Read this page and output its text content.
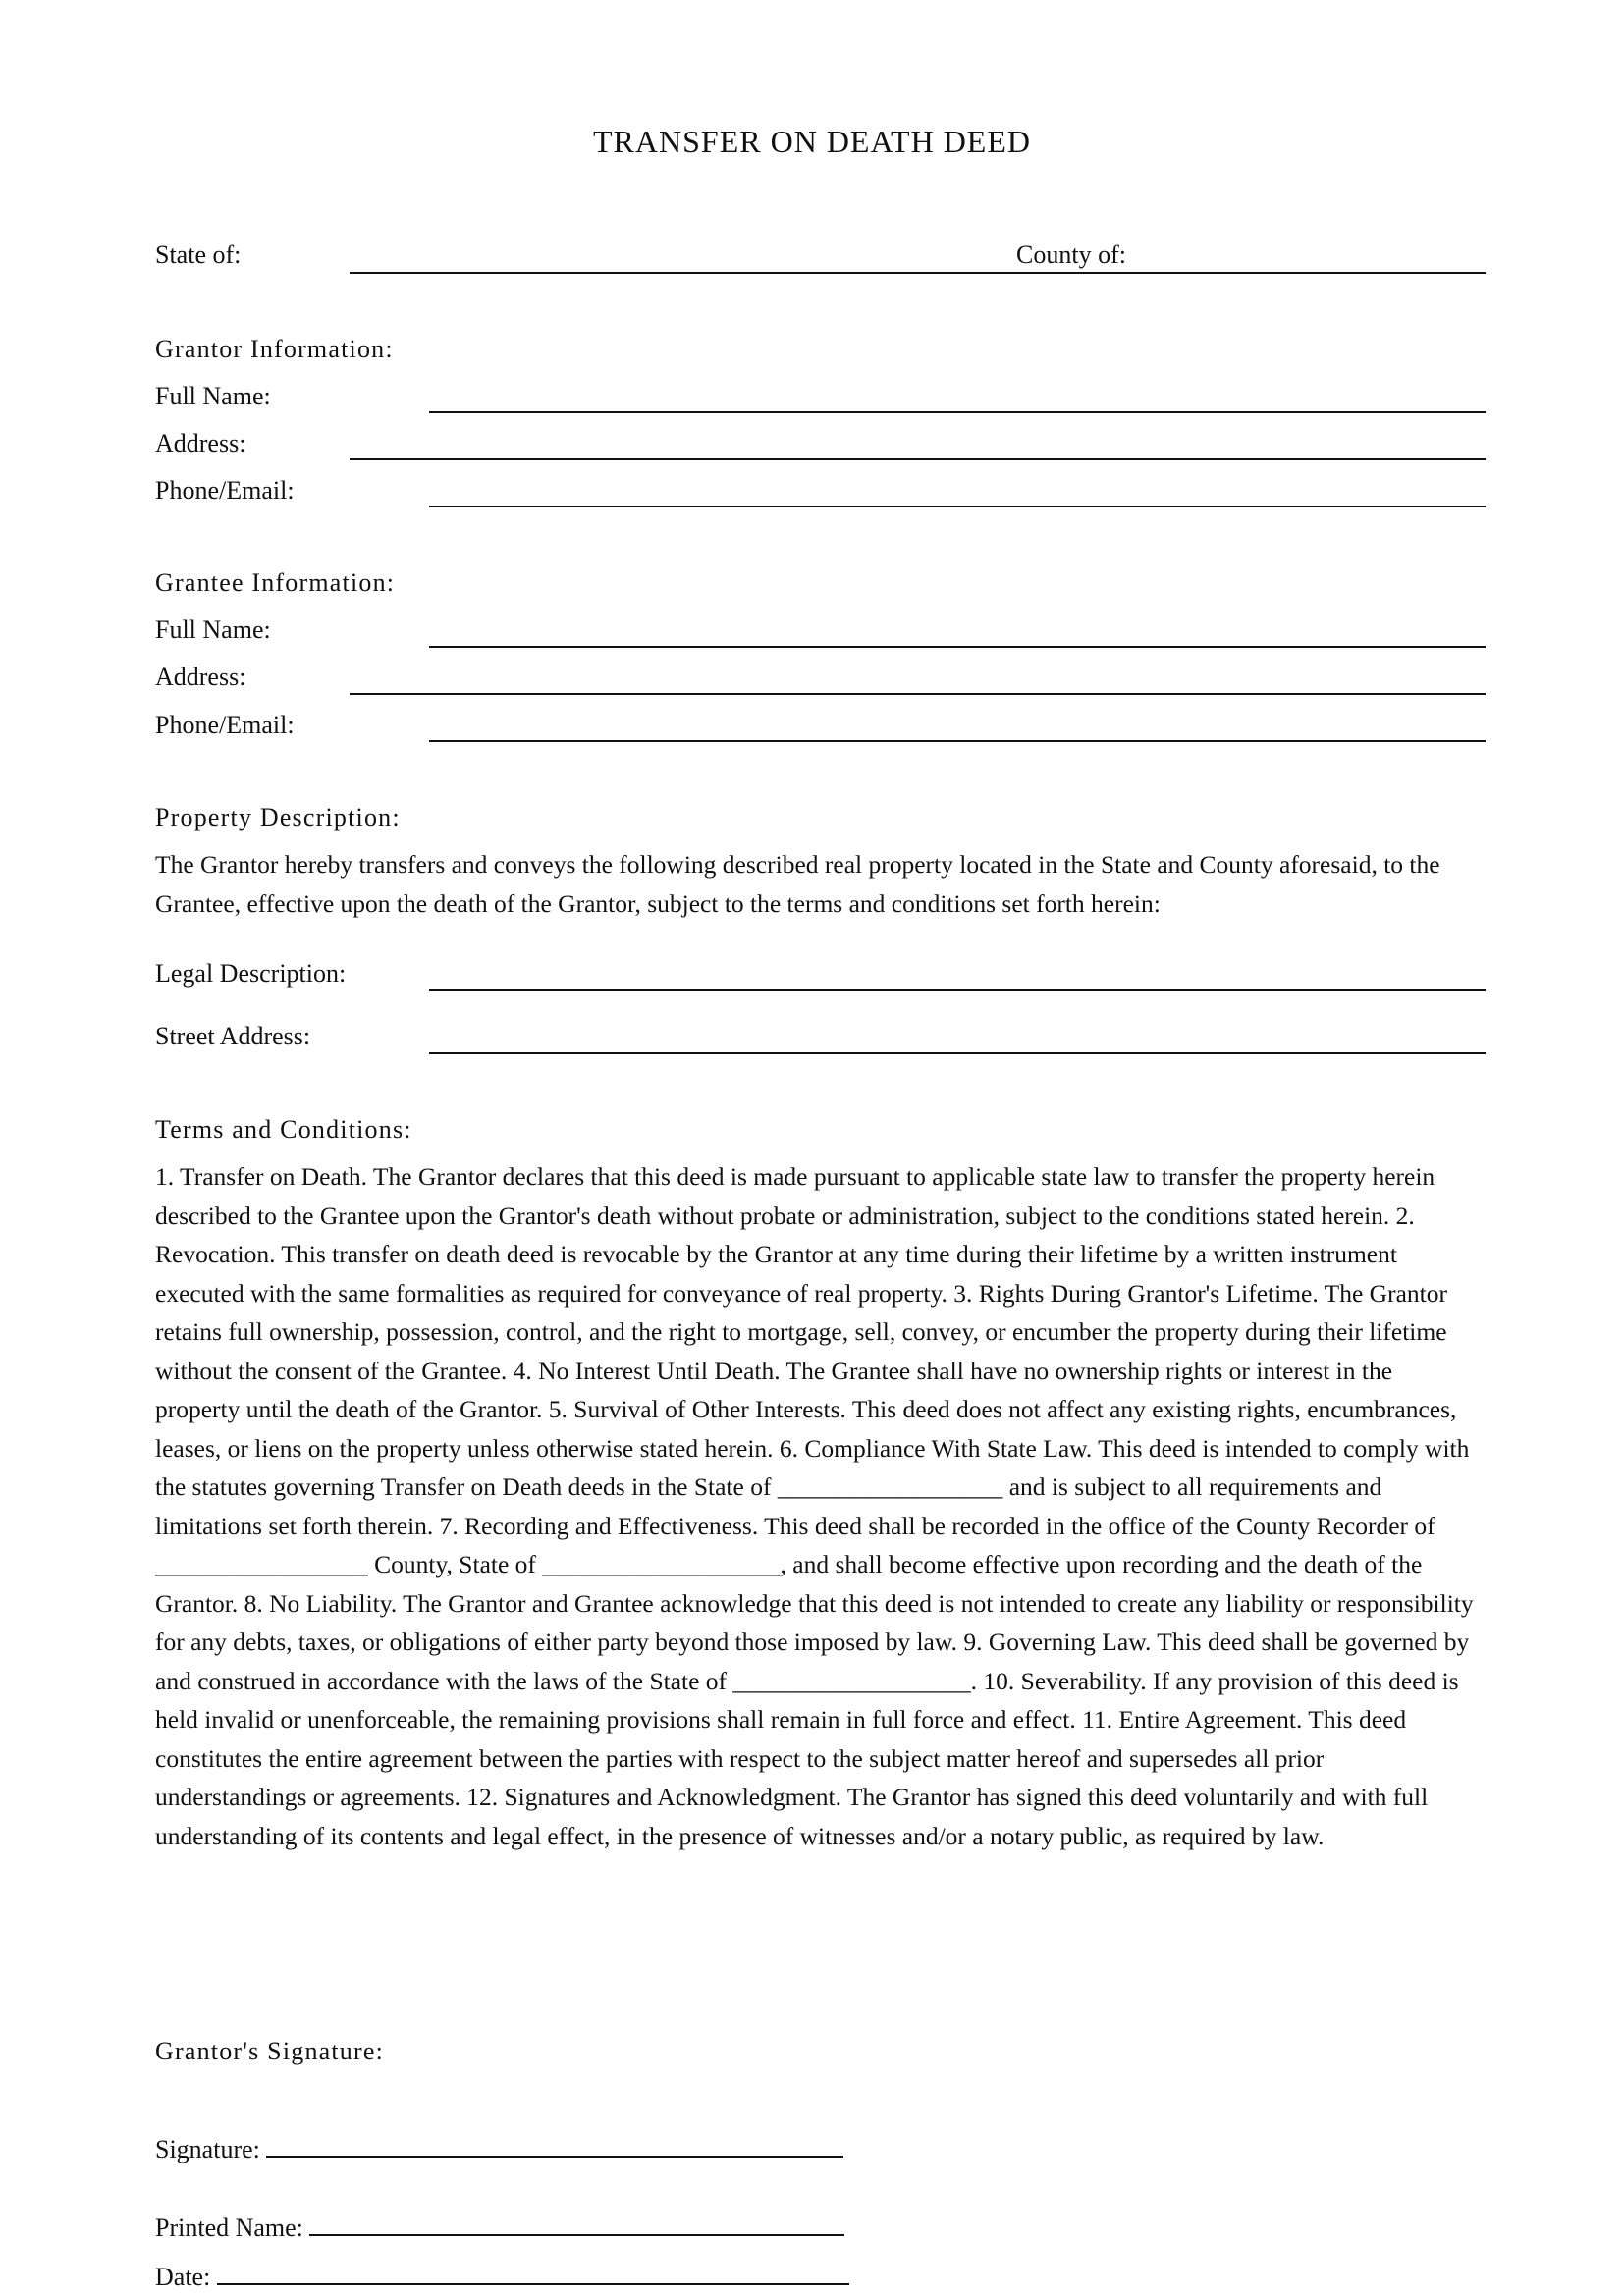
TRANSFER ON DEATH DEED
State of:	County of:
Grantor Information:
Full Name:
Address:
Phone/Email:
Grantee Information:
Full Name:
Address:
Phone/Email:
Property Description:
The Grantor hereby transfers and conveys the following described real property located in the State and County aforesaid, to the Grantee, effective upon the death of the Grantor, subject to the terms and conditions set forth herein:
Legal Description:
Street Address:
Terms and Conditions:
1. Transfer on Death. The Grantor declares that this deed is made pursuant to applicable state law to transfer the property herein described to the Grantee upon the Grantor's death without probate or administration, subject to the conditions stated herein. 2. Revocation. This transfer on death deed is revocable by the Grantor at any time during their lifetime by a written instrument executed with the same formalities as required for conveyance of real property. 3. Rights During Grantor's Lifetime. The Grantor retains full ownership, possession, control, and the right to mortgage, sell, convey, or encumber the property during their lifetime without the consent of the Grantee. 4. No Interest Until Death. The Grantee shall have no ownership rights or interest in the property until the death of the Grantor. 5. Survival of Other Interests. This deed does not affect any existing rights, encumbrances, leases, or liens on the property unless otherwise stated herein. 6. Compliance With State Law. This deed is intended to comply with the statutes governing Transfer on Death deeds in the State of __________________ and is subject to all requirements and limitations set forth therein. 7. Recording and Effectiveness. This deed shall be recorded in the office of the County Recorder of _________________ County, State of ___________________, and shall become effective upon recording and the death of the Grantor. 8. No Liability. The Grantor and Grantee acknowledge that this deed is not intended to create any liability or responsibility for any debts, taxes, or obligations of either party beyond those imposed by law. 9. Governing Law. This deed shall be governed by and construed in accordance with the laws of the State of ___________________. 10. Severability. If any provision of this deed is held invalid or unenforceable, the remaining provisions shall remain in full force and effect. 11. Entire Agreement. This deed constitutes the entire agreement between the parties with respect to the subject matter hereof and supersedes all prior understandings or agreements. 12. Signatures and Acknowledgment. The Grantor has signed this deed voluntarily and with full understanding of its contents and legal effect, in the presence of witnesses and/or a notary public, as required by law.
Grantor's Signature:
Signature:
Printed Name:
Date:
